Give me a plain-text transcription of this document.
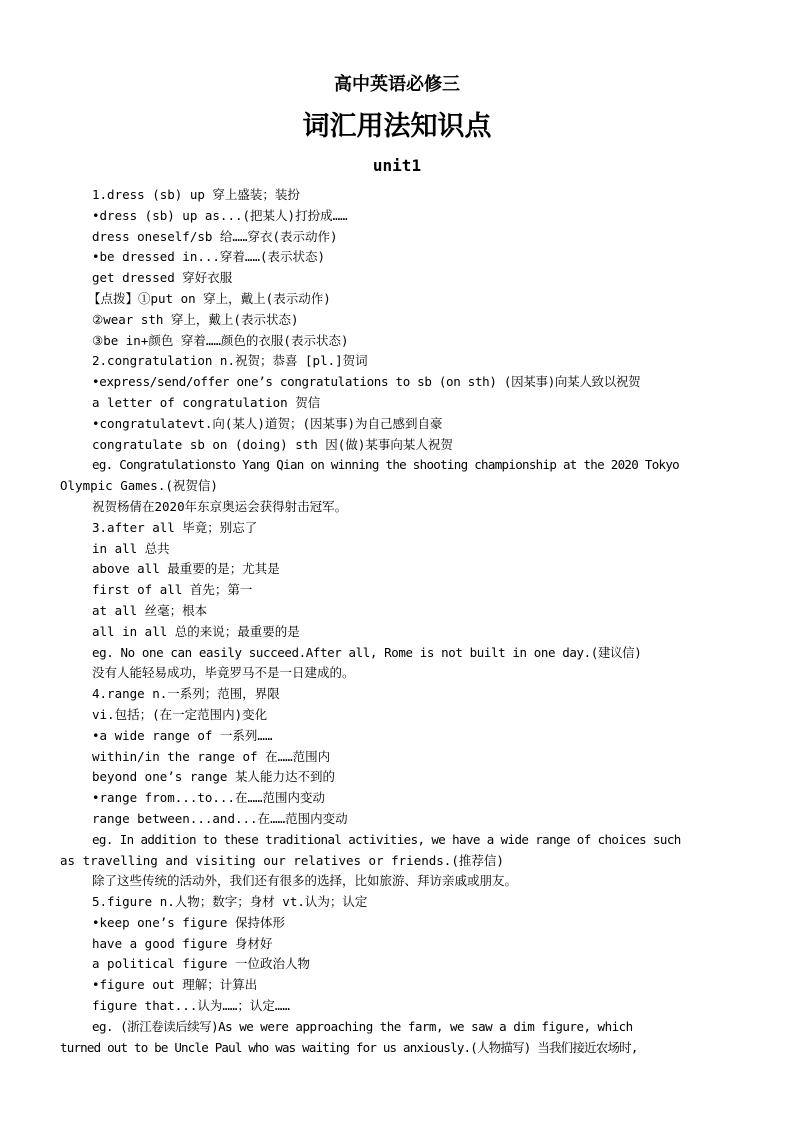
高中英语必修三
词汇用法知识点
unit1
1.dress (sb) up 穿上盛装；装扮
•dress (sb) up as...(把某人)打扮成……
dress oneself/sb 给……穿衣(表示动作)
•be dressed in...穿着……(表示状态)
get dressed 穿好衣服
【点拨】①put on 穿上，戴上(表示动作)
②wear sth 穿上，戴上(表示状态)
③be in+颜色 穿着……颜色的衣服(表示状态)
2.congratulation n.祝贺；恭喜 [pl.]贺词
•express/send/offer one’s congratulations to sb (on sth) (因某事)向某人致以祝贺
a letter of congratulation 贺信
•congratulatevt.向(某人)道贺；(因某事)为自己感到自豪
congratulate sb on (doing) sth 因(做)某事向某人祝贺
eg. Congratulationsto Yang Qian on winning the shooting championship at the 2020 Tokyo
Olympic Games.(祝贺信)
祝贺杨倩在2020年东京奥运会获得射击冠军。
3.after all 毕竟；别忘了
in all 总共
above all 最重要的是；尤其是
first of all 首先；第一
at all 丝毫；根本
all in all 总的来说；最重要的是
eg. No one can easily succeed.After all, Rome is not built in one day.(建议信)
没有人能轻易成功，毕竟罗马不是一日建成的。
4.range n.一系列；范围，界限
vi.包括；(在一定范围内)变化
•a wide range of 一系列……
within/in the range of 在……范围内
beyond one’s range 某人能力达不到的
•range from...to...在……范围内变动
range between...and...在……范围内变动
eg. In addition to these traditional activities, we have a wide range of choices such
as travelling and visiting our relatives or friends.(推荐信)
除了这些传统的活动外，我们还有很多的选择，比如旅游、拜访亲戚或朋友。
5.figure n.人物；数字；身材 vt.认为；认定
•keep one’s figure 保持体形
have a good figure 身材好
a political figure 一位政治人物
•figure out 理解；计算出
figure that...认为……；认定……
eg. (浙江卷读后续写)As we were approaching the farm, we saw a dim figure, which
turned out to be Uncle Paul who was waiting for us anxiously.(人物描写) 当我们接近农场时,
